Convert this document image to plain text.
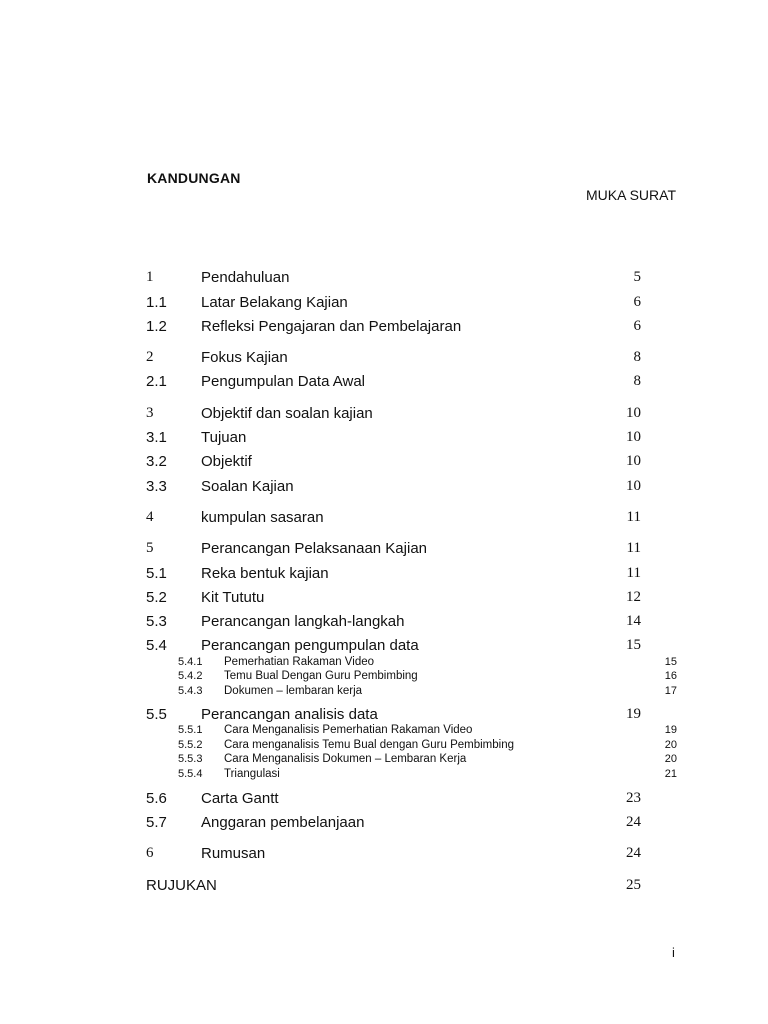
KANDUNGAN
MUKA SURAT
1	Pendahuluan	5
1.1 Latar Belakang Kajian	6
1.2 Refleksi Pengajaran dan Pembelajaran	6
2	Fokus Kajian	8
2.1 Pengumpulan Data Awal	8
3	Objektif dan soalan kajian	10
3.1 Tujuan	10
3.2 Objektif	10
3.3 Soalan Kajian	10
4	kumpulan sasaran	11
5	Perancangan Pelaksanaan Kajian	11
5.1 Reka bentuk kajian	11
5.2 Kit Tututu	12
5.3 Perancangan langkah-langkah	14
5.4 Perancangan pengumpulan data	15
5.4.1 Pemerhatian Rakaman Video	15
5.4.2 Temu Bual Dengan Guru Pembimbing	16
5.4.3 Dokumen – lembaran kerja	17
5.5 Perancangan analisis data	19
5.5.1 Cara Menganalisis Pemerhatian Rakaman Video	19
5.5.2 Cara menganalisis Temu Bual dengan Guru Pembimbing	20
5.5.3 Cara Menganalisis Dokumen – Lembaran Kerja	20
5.5.4 Triangulasi	21
5.6 Carta Gantt	23
5.7 Anggaran pembelanjaan	24
6	Rumusan	24
RUJUKAN	25
i
